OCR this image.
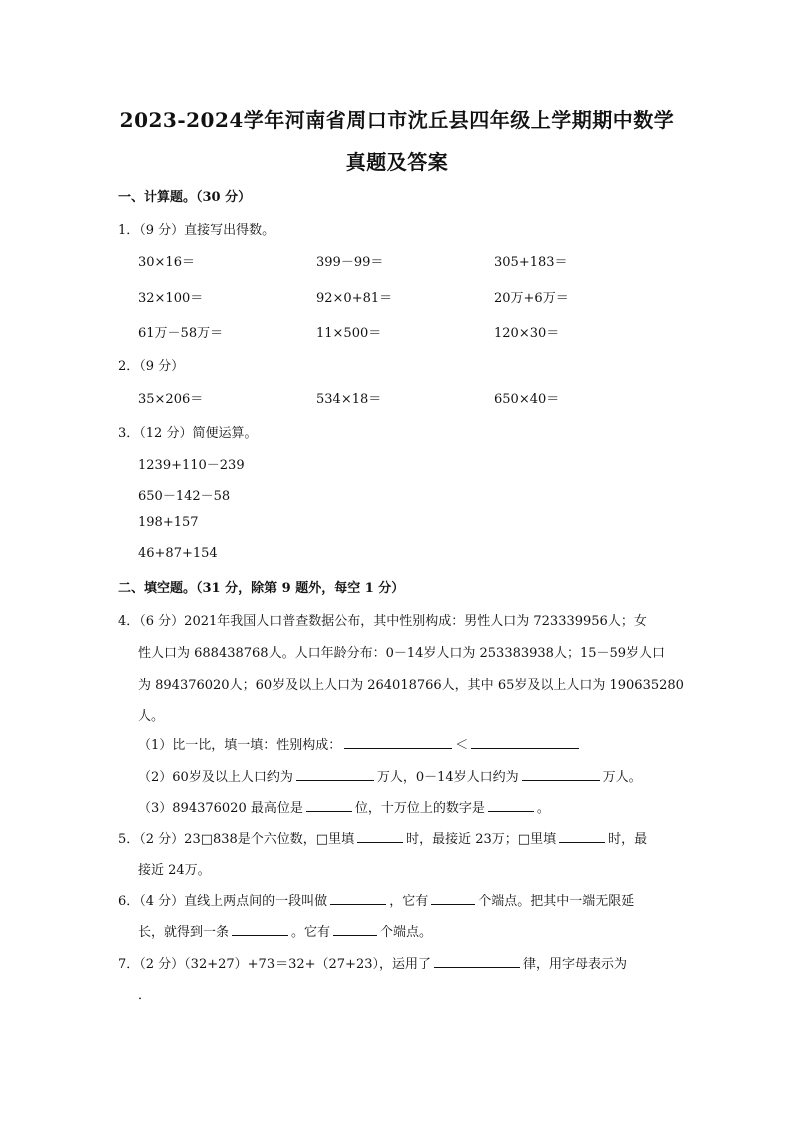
2023-2024学年河南省周口市沈丘县四年级上学期期中数学
真题及答案
一、计算题。（30 分）
1．（9 分）直接写出得数。
30×16＝	399－99＝	305+183＝
32×100＝	92×0+81＝	20万+6万＝
61万－58万＝	11×500＝	120×30＝
2．（9 分）
35×206＝	534×18＝	650×40＝
3．（12 分）简便运算。
1239+110－239
650－142－58
198+157
46+87+154
二、填空题。（31 分，除第 9 题外，每空 1 分）
4．（6 分）2021年我国人口普查数据公布，其中性别构成：男性人口为 723339956人；女
性人口为 688438768人。人口年龄分布：0－14岁人口为 253383938人；15－59岁人口
为 894376020人；60岁及以上人口为 264018766人，其中 65岁及以上人口为 190635280
人。
（1）比一比，填一填：性别构成：	＜
（2）60岁及以上人口约为	万人，0－14岁人口约为	万人。
（3）894376020 最高位是	位，十万位上的数字是	。
5．（2 分）23□838是个六位数，□里填	时，最接近 23万；□里填	时，最
接近 24万。
6．（4 分）直线上两点间的一段叫做	，它有	个端点。把其中一端无限延
长，就得到一条	。它有	个端点。
7．（2 分）（32+27）+73＝32+（27+23），运用了	律，用字母表示为
．
